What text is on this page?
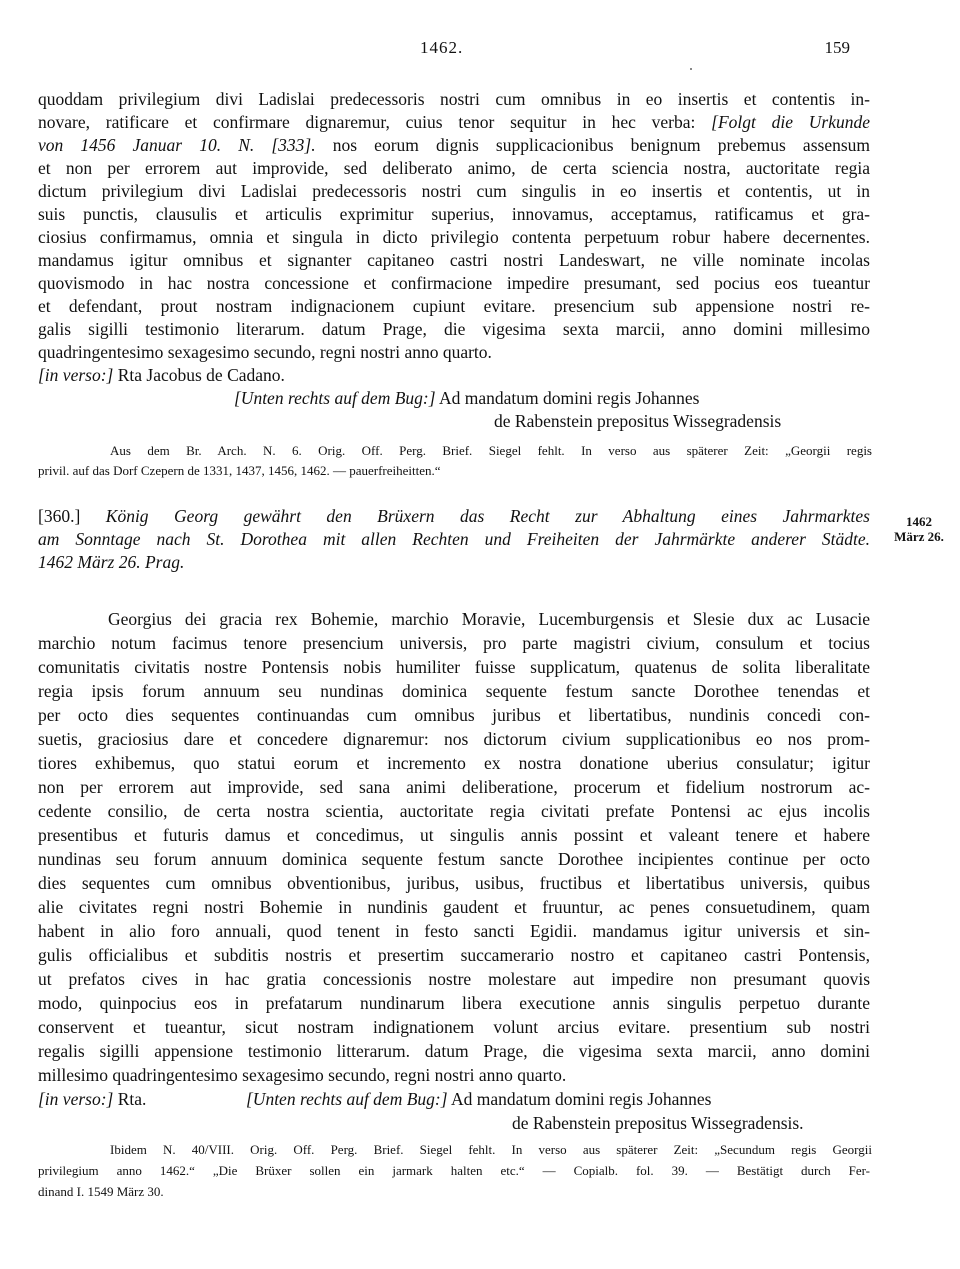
1462.	159
quoddam privilegium divi Ladislai predecessoris nostri cum omnibus in eo insertis et contentis in-
novare, ratificare et confirmare dignaremur, cuius tenor sequitur in hec verba: [Folgt die Urkunde
von 1456 Januar 10. N. [333]. nos eorum dignis supplicacionibus benignum prebemus assensum
et non per errorem aut improvide, sed deliberato animo, de certa sciencia nostra, auctoritate regia
dictum privilegium divi Ladislai predecessoris nostri cum singulis in eo insertis et contentis, ut in
suis punctis, clausulis et articulis exprimitur superius, innovamus, acceptamus, ratificamus et gra-
ciosius confirmamus, omnia et singula in dicto privilegio contenta perpetuum robur habere decernentes.
mandamus igitur omnibus et signanter capitaneo castri nostri Landeswart, ne ville nominate incolas
quovismodo in hac nostra concessione et confirmacione impedire presumant, sed pocius eos tueantur
et defendant, prout nostram indignacionem cupiunt evitare. presencium sub appensione nostri re-
galis sigilli testimonio literarum. datum Prage, die vigesima sexta marcii, anno domini millesimo
quadringentesimo sexagesimo secundo, regni nostri anno quarto.
[in verso:] Rta Jacobus de Cadano.
[Unten rechts auf dem Bug:] Ad mandatum domini regis Johannes
de Rabenstein prepositus Wissegradensis
Aus dem Br. Arch. N. 6. Orig. Off. Perg. Brief. Siegel fehlt. In verso aus späterer Zeit: „Georgii regis
privil. auf das Dorf Czepern de 1331, 1437, 1456, 1462. — pauerfreiheitten.“
[360.] König Georg gewährt den Brüxern das Recht zur Abhaltung eines Jahrmarktes
am Sonntage nach St. Dorothea mit allen Rechten und Freiheiten der Jahrmärkte anderer Städte.
1462 März 26. Prag.
1462
März 26.
Georgius dei gracia rex Bohemie, marchio Moravie, Lucemburgensis et Slesie dux ac Lusacie
marchio notum facimus tenore presencium universis, pro parte magistri civium, consulum et tocius
comunitatis civitatis nostre Pontensis nobis humiliter fuisse supplicatum, quatenus de solita liberalitate
regia ipsis forum annuum seu nundinas dominica sequente festum sancte Dorothee tenendas et
per octo dies sequentes continuandas cum omnibus juribus et libertatibus, nundinis concedi con-
suetis, graciosius dare et concedere dignaremur: nos dictorum civium supplicationibus eo nos prom-
tiores exhibemus, quo statui eorum et incremento ex nostra donatione uberius consulatur; igitur
non per errorem aut improvide, sed sana animi deliberatione, procerum et fidelium nostrorum ac-
cedente consilio, de certa nostra scientia, auctoritate regia civitati prefate Pontensi ac ejus incolis
presentibus et futuris damus et concedimus, ut singulis annis possint et valeant tenere et habere
nundinas seu forum annuum dominica sequente festum sancte Dorothee incipientes continue per octo
dies sequentes cum omnibus obventionibus, juribus, usibus, fructibus et libertatibus universis, quibus
alie civitates regni nostri Bohemie in nundinis gaudent et fruuntur, ac penes consuetudinem, quam
habent in alio foro annuali, quod tenent in festo sancti Egidii. mandamus igitur universis et sin-
gulis officialibus et subditis nostris et presertim succamerario nostro et capitaneo castri Pontensis,
ut prefatos cives in hac gratia concessionis nostre molestare aut impedire non presumant quovis
modo, quinpocius eos in prefatarum nundinarum libera executione annis singulis perpetuo durante
conservent et tueantur, sicut nostram indignationem volunt arcius evitare. presentium sub nostri
regalis sigilli appensione testimonio litterarum. datum Prage, die vigesima sexta marcii, anno domini
millesimo quadringentesimo sexagesimo secundo, regni nostri anno quarto.
[in verso:] Rta.	[Unten rechts auf dem Bug:] Ad mandatum domini regis Johannes
de Rabenstein prepositus Wissegradensis.
Ibidem N. 40/VIII. Orig. Off. Perg. Brief. Siegel fehlt. In verso aus späterer Zeit: „Secundum regis Georgii
privilegium anno 1462.“ „Die Brüxer sollen ein jarmark halten etc.“ — Copialb. fol. 39. — Bestätigt durch Fer-
dinand I. 1549 März 30.
